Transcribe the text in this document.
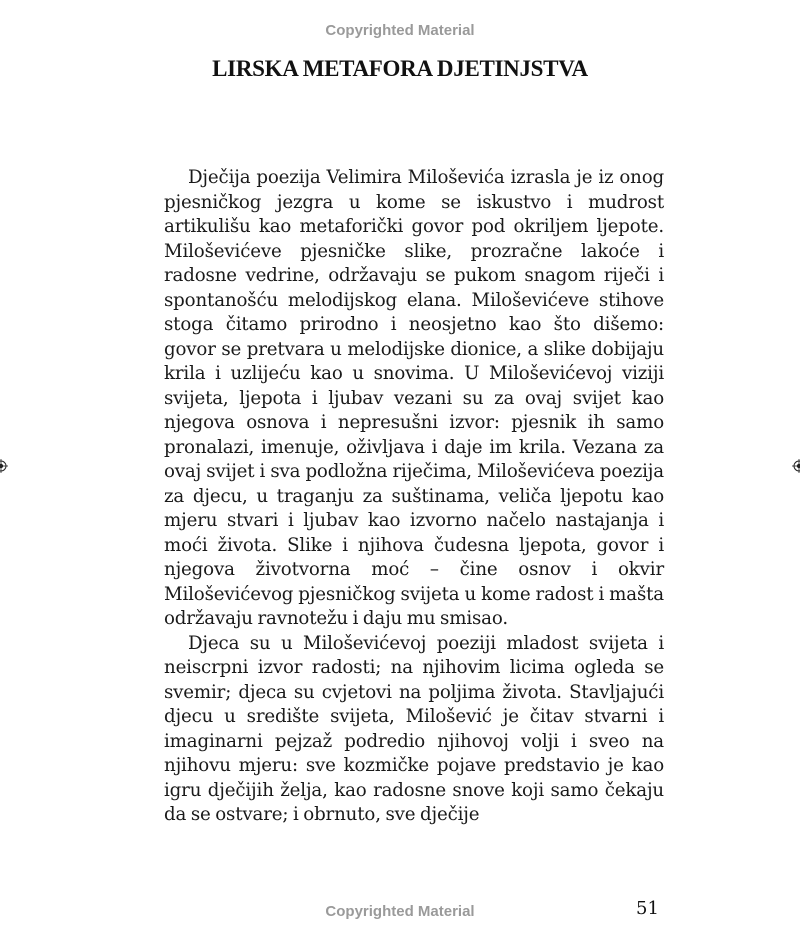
Copyrighted Material
LIRSKA METAFORA DJETINJSTVA

Dječija poezija Velimira Miloševića izrasla je iz onog pjesničkog jezgra u kome se iskustvo i mudrost artikulišu kao metaforički govor pod okriljem ljepote. Miloševićeve pjesničke slike, prozračne lakoće i radosne vedrine, održavaju se pukom snagom riječi i spontanošću melodijskog elana. Miloševićeve stihove stoga čitamo prirodno i neosjetno kao što dišemo: govor se pretvara u melodijske dionice, a slike dobijaju krila i uzlijeću kao u snovima. U Miloševićevoj viziji svijeta, ljepota i ljubav vezani su za ovaj svijet kao njegova osnova i nepresušni izvor: pjesnik ih samo pronalazi, imenuje, oživljava i daje im krila. Vezana za ovaj svijet i sva podložna riječima, Miloševićeva poezija za djecu, u traganju za suštinama, veliča ljepotu kao mjeru stvari i ljubav kao izvorno načelo nastajanja i moći života. Slike i njihova čudesna ljepota, govor i njegova životvorna moć – čine osnov i okvir Miloševićevog pjesničkog svijeta u kome radost i mašta održavaju ravnotežu i daju mu smisao.

Djeca su u Miloševićevoj poeziji mladost svijeta i neiscrpni izvor radosti; na njihovim licima ogleda se svemir; djeca su cvjetovi na poljima života. Stavljajući djecu u središte svijeta, Milošević je čitav stvarni i imaginarni pejzaž podredio njihovoj volji i sveo na njihovu mjeru: sve kozmičke pojave predstavio je kao igru dječijih želja, kao radosne snove koji samo čekaju da se ostvare; i obrnuto, sve dječije

Copyrighted Material	51
